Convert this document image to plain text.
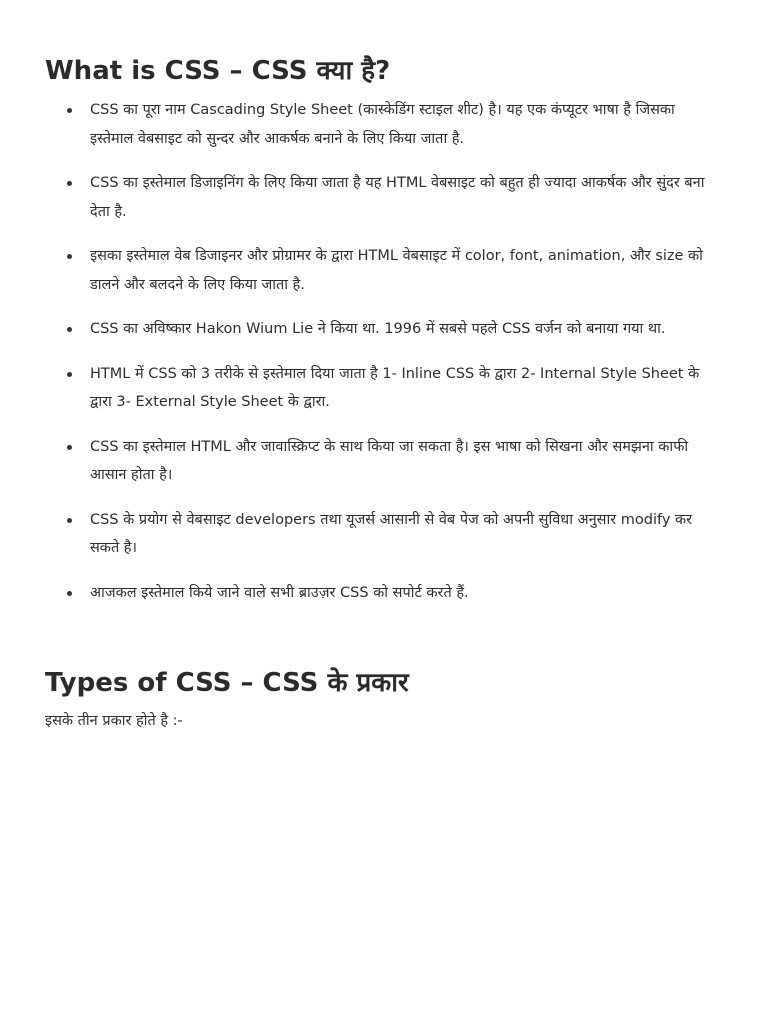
What is CSS – CSS क्या है?
CSS का पूरा नाम Cascading Style Sheet (कास्केडिंग स्टाइल शीट) है। यह एक कंप्यूटर भाषा है जिसका इस्तेमाल वेबसाइट को सुन्दर और आकर्षक बनाने के लिए किया जाता है.
CSS का इस्तेमाल डिजाइनिंग के लिए किया जाता है यह HTML वेबसाइट को बहुत ही ज्यादा आकर्षक और सुंदर बना देता है.
इसका इस्तेमाल वेब डिजाइनर और प्रोग्रामर के द्वारा HTML वेबसाइट में color, font, animation, और size को डालने और बलदने के लिए किया जाता है.
CSS का अविष्कार Hakon Wium Lie ने किया था. 1996 में सबसे पहले CSS वर्जन को बनाया गया था.
HTML में CSS को 3 तरीके से इस्तेमाल दिया जाता है 1- Inline CSS के द्वारा 2- Internal Style Sheet के द्वारा 3- External Style Sheet के द्वारा.
CSS का इस्तेमाल HTML और जावास्क्रिप्ट के साथ किया जा सकता है। इस भाषा को सिखना और समझना काफी आसान होता है।
CSS के प्रयोग से वेबसाइट developers तथा यूजर्स आसानी से वेब पेज को अपनी सुविधा अनुसार modify कर सकते है।
आजकल इस्तेमाल किये जाने वाले सभी ब्राउज़र CSS को सपोर्ट करते हैं.
Types of CSS – CSS के प्रकार

इसके तीन प्रकार होते है :-
